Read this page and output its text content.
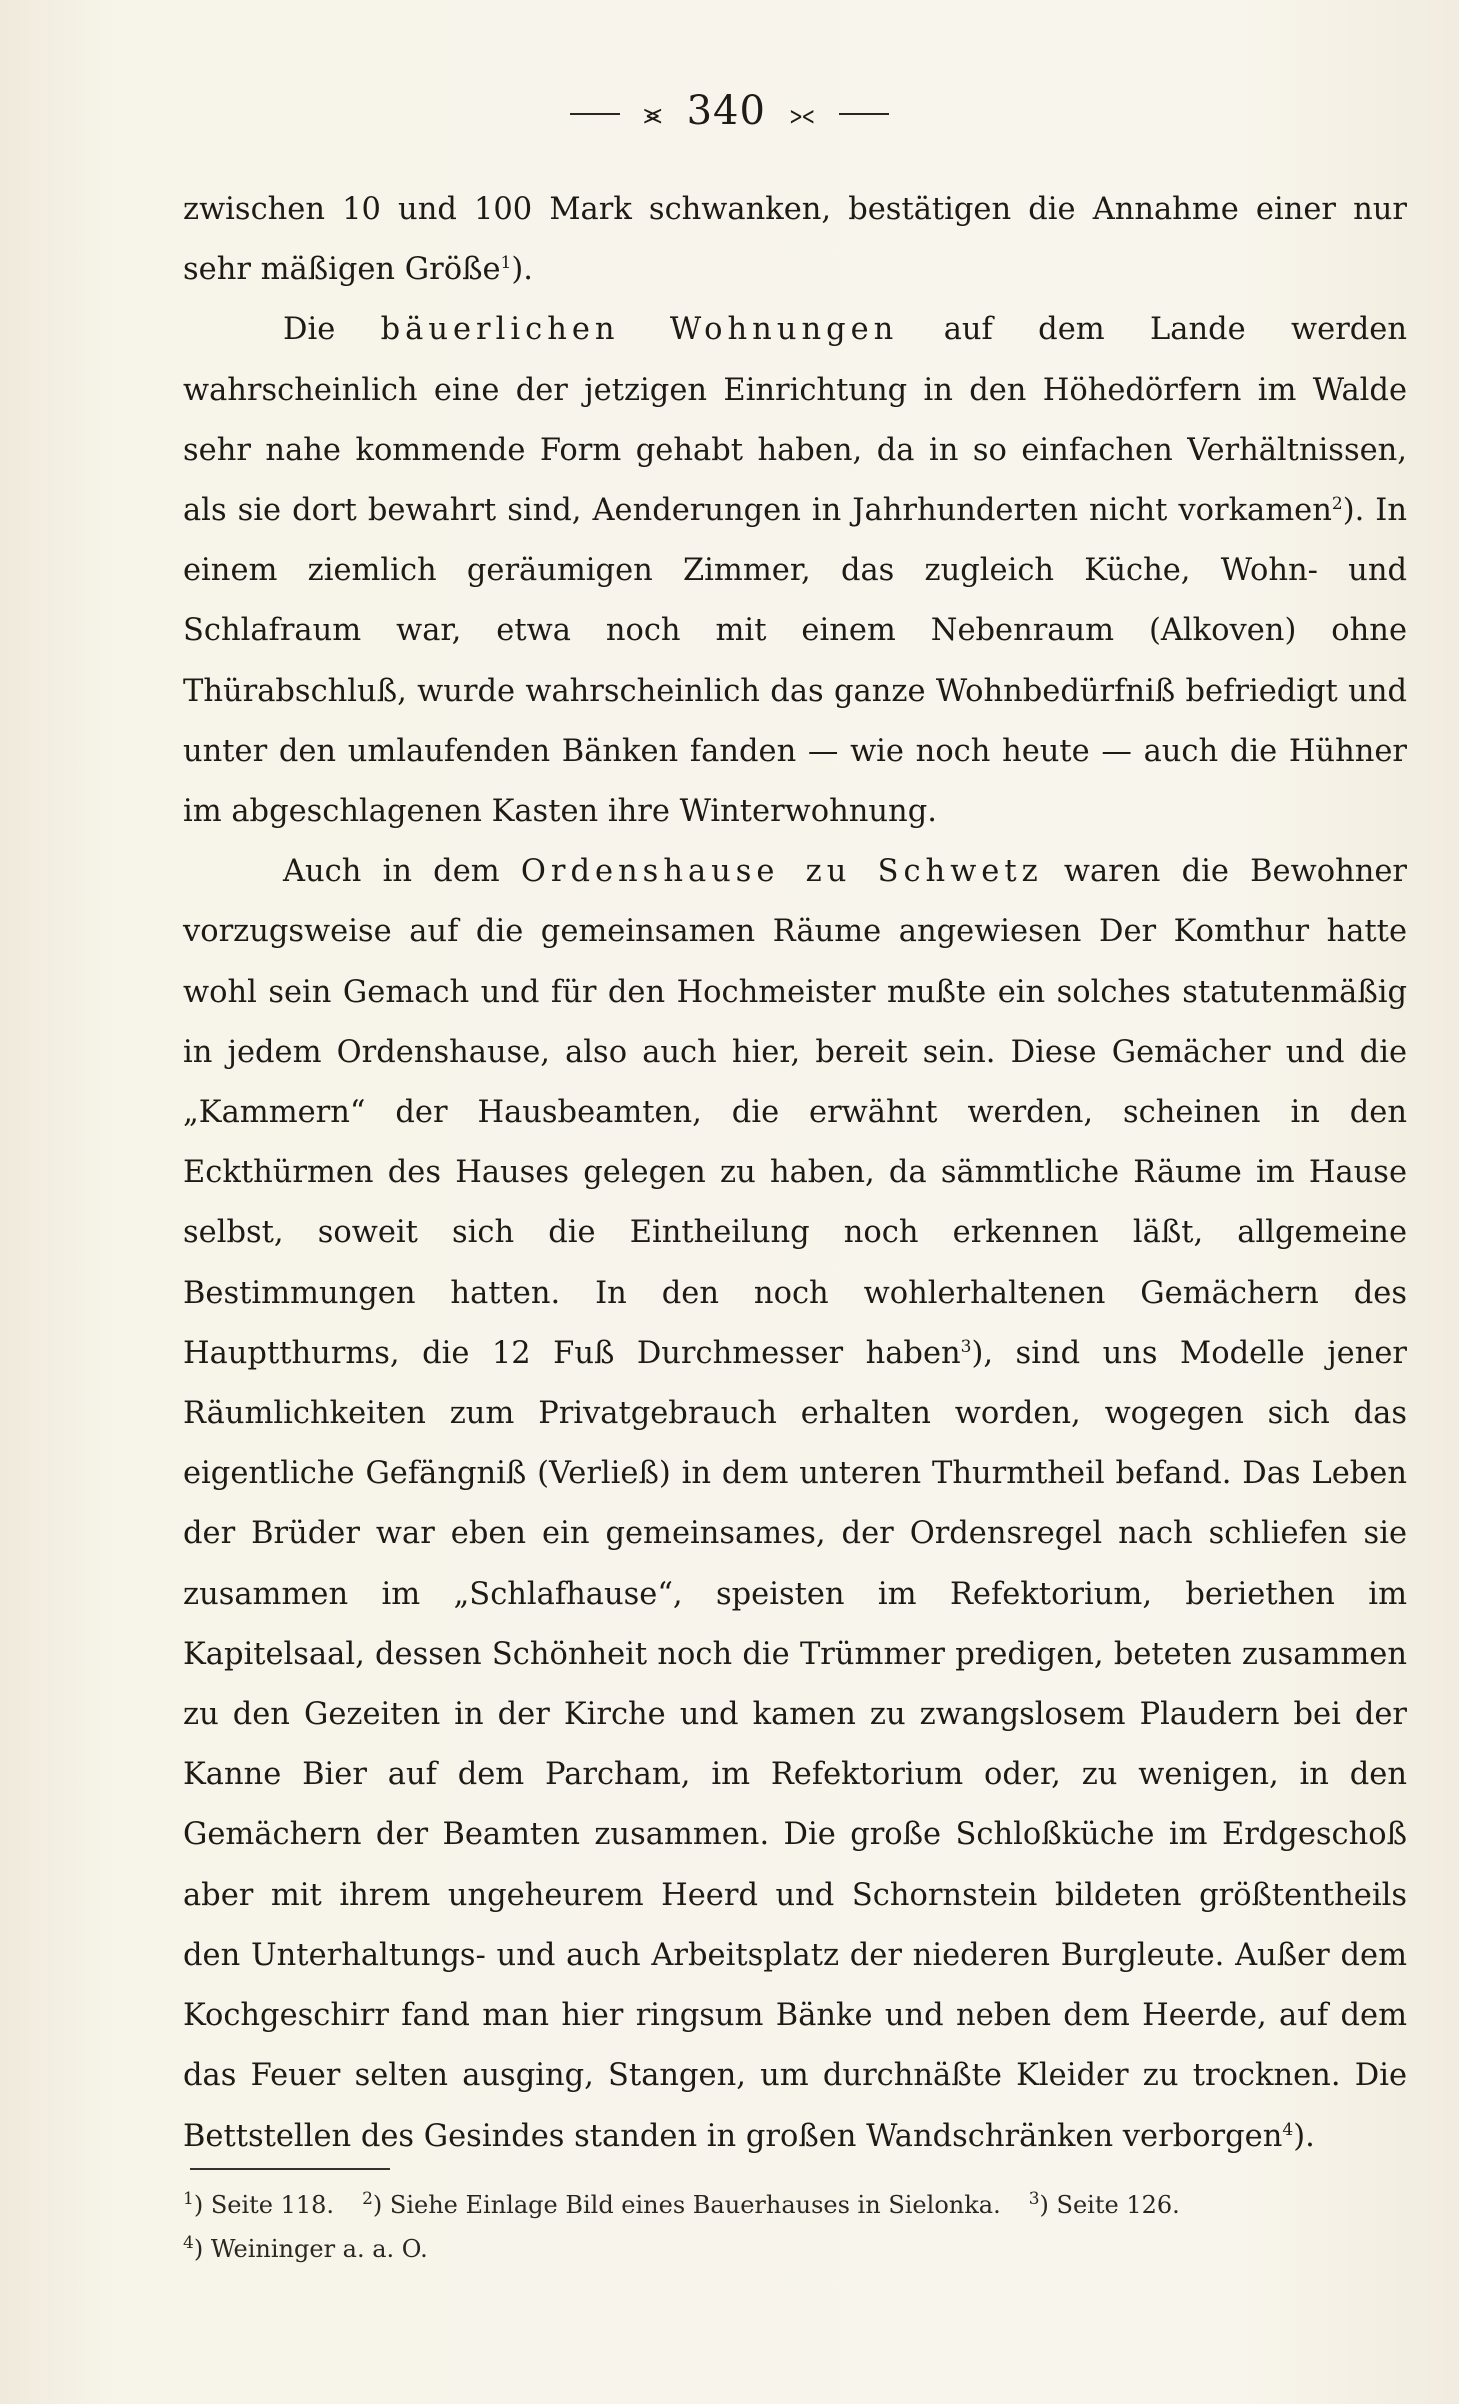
⪤ 340 ⪥

zwischen 10 und 100 Mark schwanken, bestätigen die Annahme einer nur sehr mäßigen Größe$^1$).

Die bäuerlichen Wohnungen auf dem Lande werden wahrscheinlich eine der jetzigen Einrichtung in den Höhedörfern im Walde sehr nahe kommende Form gehabt haben, da in so einfachen Verhältnissen, als sie dort bewahrt sind, Aenderungen in Jahrhunderten nicht vorkamen$^2$). In einem ziemlich geräumigen Zimmer, das zugleich Küche, Wohn- und Schlafraum war, etwa noch mit einem Nebenraum (Alkoven) ohne Thürabschluß, wurde wahrscheinlich das ganze Wohnbedürfniß befriedigt und unter den umlaufenden Bänken fanden — wie noch heute — auch die Hühner im abgeschlagenen Kasten ihre Winterwohnung.

Auch in dem Ordenshause zu Schwetz waren die Bewohner vorzugsweise auf die gemeinsamen Räume angewiesen Der Komthur hatte wohl sein Gemach und für den Hochmeister mußte ein solches statutenmäßig in jedem Ordenshause, also auch hier, bereit sein. Diese Gemächer und die „Kammern“ der Hausbeamten, die erwähnt werden, scheinen in den Eckthürmen des Hauses gelegen zu haben, da sämmtliche Räume im Hause selbst, soweit sich die Eintheilung noch erkennen läßt, allgemeine Bestimmungen hatten. In den noch wohlerhaltenen Gemächern des Hauptthurms, die 12 Fuß Durchmesser haben$^3$), sind uns Modelle jener Räumlichkeiten zum Privatgebrauch erhalten worden, wogegen sich das eigentliche Gefängniß (Verließ) in dem unteren Thurmtheil befand. Das Leben der Brüder war eben ein gemeinsames, der Ordensregel nach schliefen sie zusammen im „Schlafhause“, speisten im Refektorium, beriethen im Kapitelsaal, dessen Schönheit noch die Trümmer predigen, beteten zusammen zu den Gezeiten in der Kirche und kamen zu zwangslosem Plaudern bei der Kanne Bier auf dem Parcham, im Refektorium oder, zu wenigen, in den Gemächern der Beamten zusammen. Die große Schloßküche im Erdgeschoß aber mit ihrem ungeheurem Heerd und Schornstein bildeten größtentheils den Unterhaltungs- und auch Arbeitsplatz der niederen Burgleute. Außer dem Kochgeschirr fand man hier ringsum Bänke und neben dem Heerde, auf dem das Feuer selten ausging, Stangen, um durchnäßte Kleider zu trocknen. Die Bettstellen des Gesindes standen in großen Wandschränken verborgen$^4$).

$^1$) Seite 118. $^2$) Siehe Einlage Bild eines Bauerhauses in Sielonka. $^3$) Seite 126.
$^4$) Weininger a. a. O.
